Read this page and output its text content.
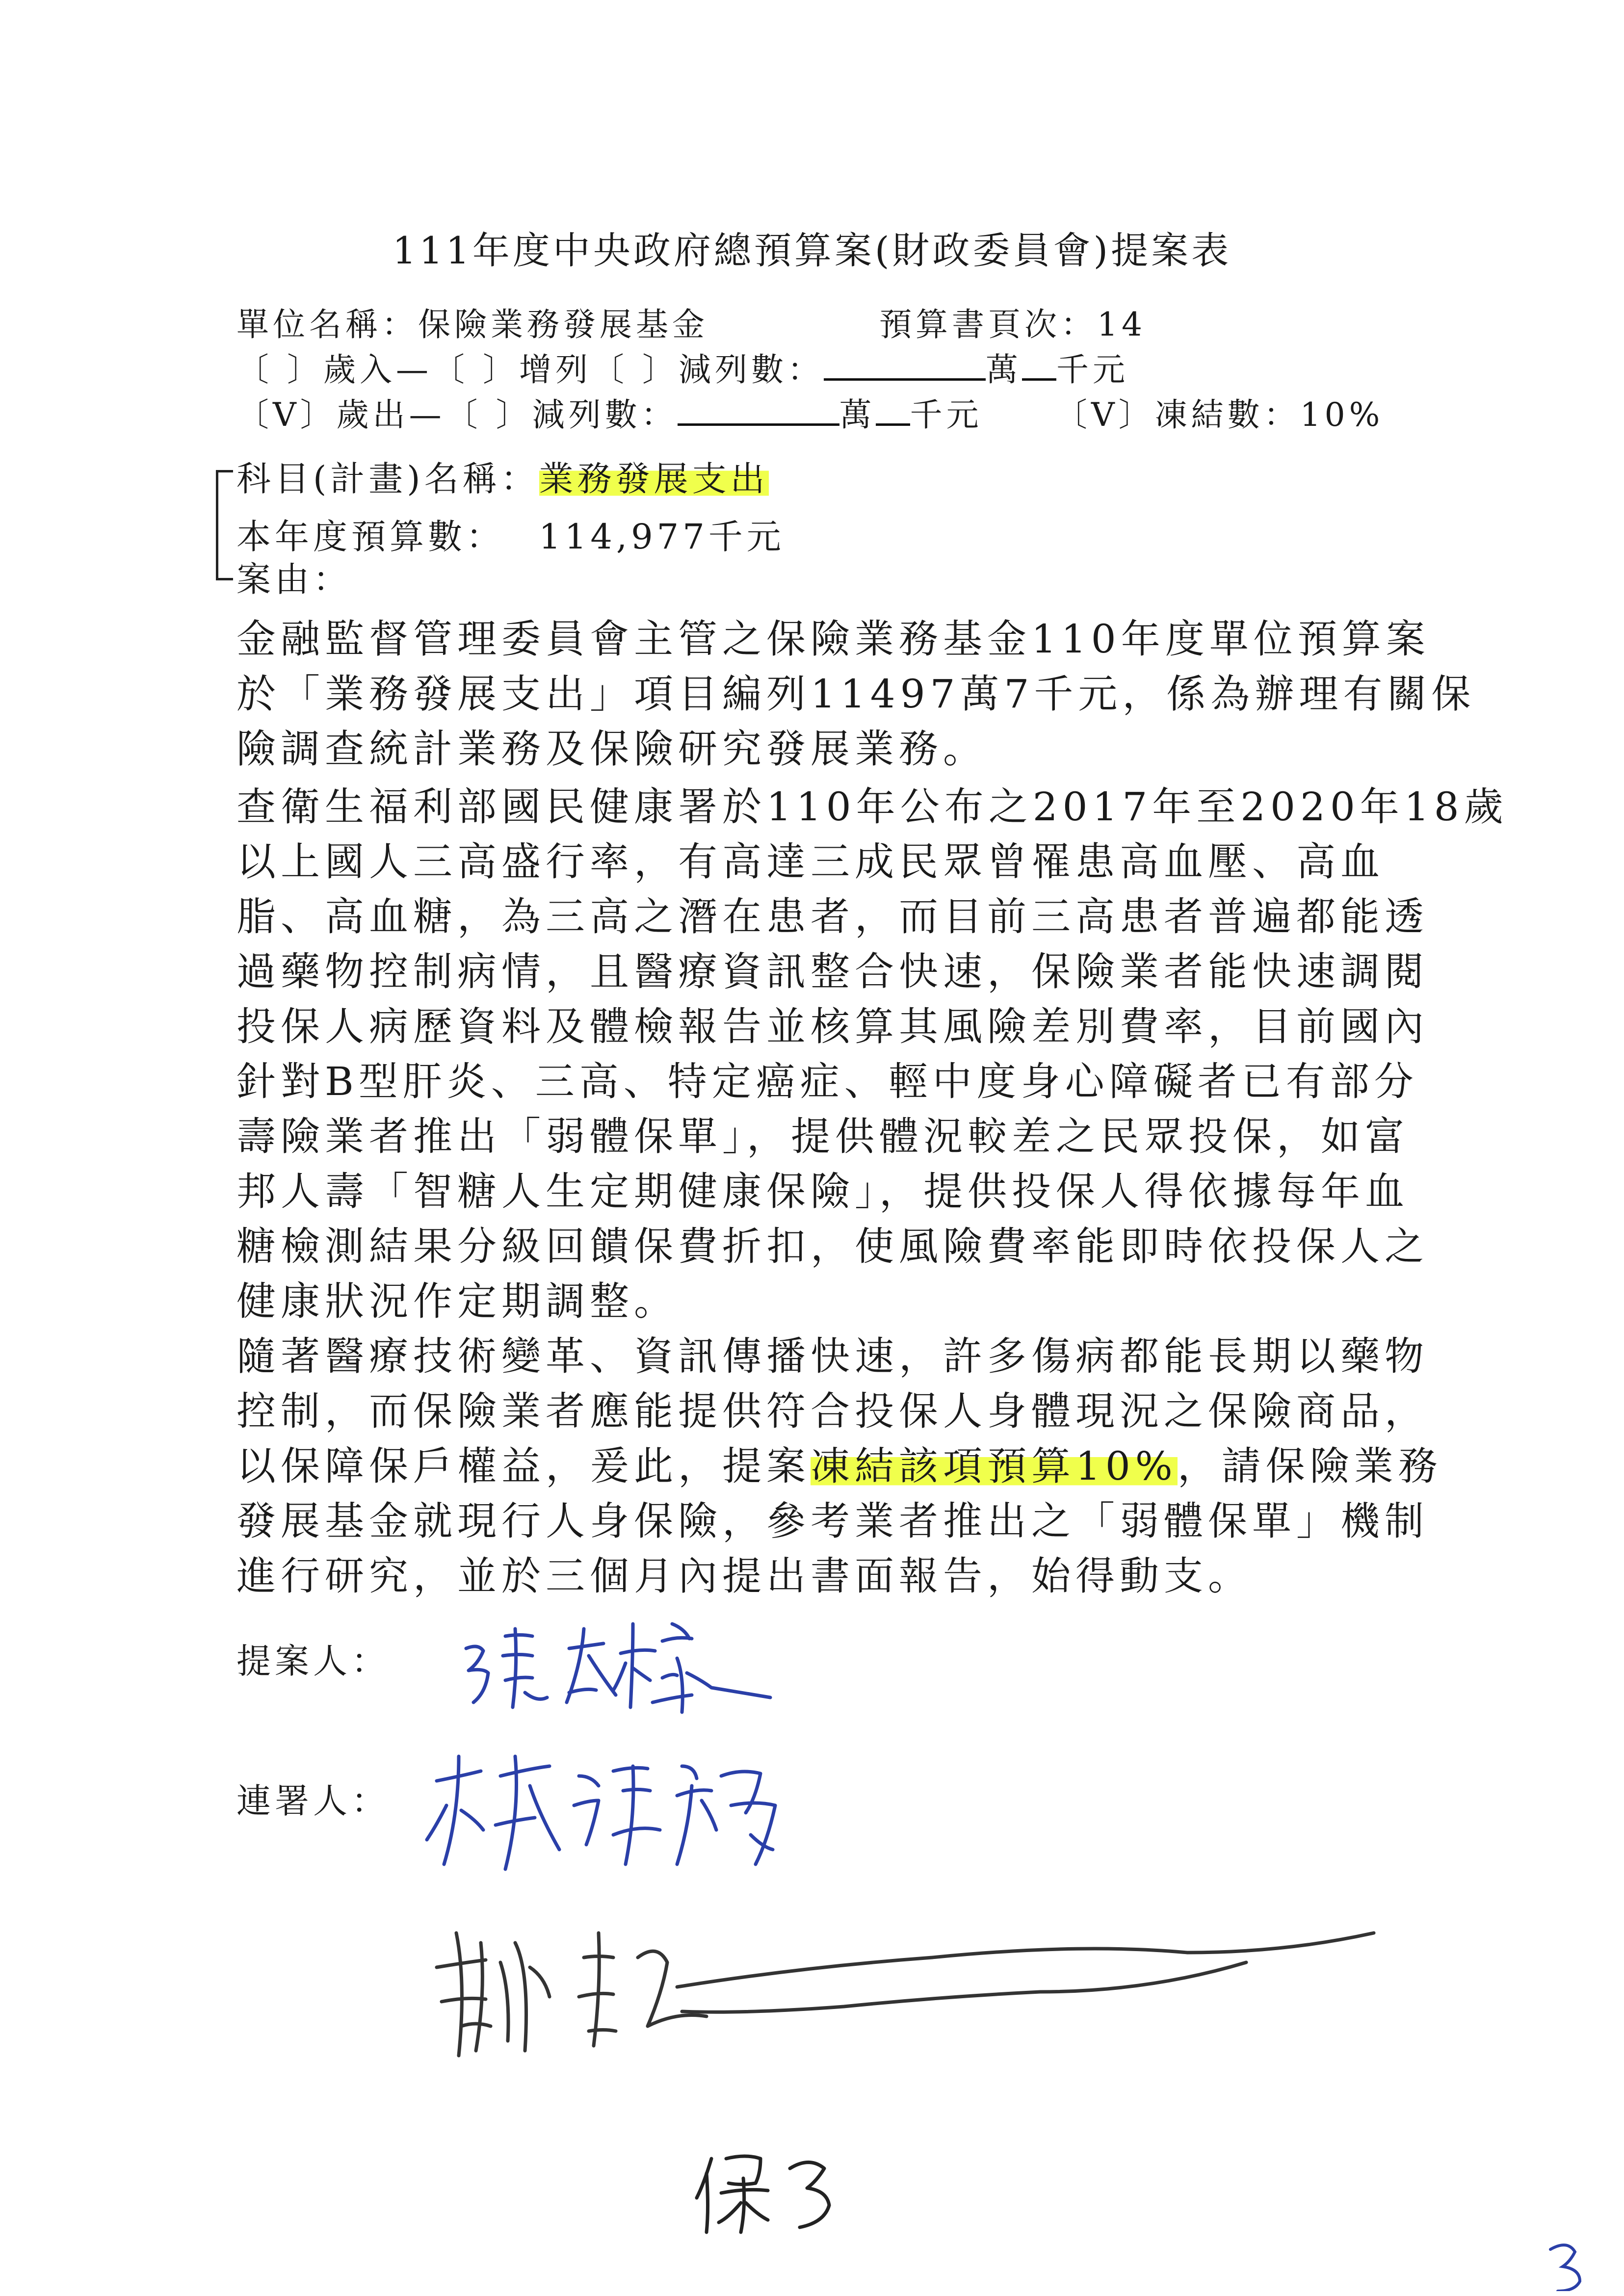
111年度中央政府總預算案(財政委員會)提案表
單位名稱：保險業務發展基金	預算書頁次：14
〔 〕歲入—〔 〕增列〔 〕減列數：	萬 千元
〔V〕歲出—〔 〕減列數：	萬 千元 〔V〕凍結數：10%
科目(計畫)名稱：業務發展支出
本年度預算數： 114,977千元
案由：
金融監督管理委員會主管之保險業務基金110年度單位預算案
於「業務發展支出」項目編列11497萬7千元，係為辦理有關保
險調查統計業務及保險研究發展業務。
查衛生福利部國民健康署於110年公布之2017年至2020年18歲
以上國人三高盛行率，有高達三成民眾曾罹患高血壓、高血
脂、高血糖，為三高之潛在患者，而目前三高患者普遍都能透
過藥物控制病情，且醫療資訊整合快速，保險業者能快速調閱
投保人病歷資料及體檢報告並核算其風險差別費率，目前國內
針對B型肝炎、三高、特定癌症、輕中度身心障礙者已有部分
壽險業者推出「弱體保單」，提供體況較差之民眾投保，如富
邦人壽「智糖人生定期健康保險」，提供投保人得依據每年血
糖檢測結果分級回饋保費折扣，使風險費率能即時依投保人之
健康狀況作定期調整。
隨著醫療技術變革、資訊傳播快速，許多傷病都能長期以藥物
控制，而保險業者應能提供符合投保人身體現況之保險商品，
以保障保戶權益，爰此，提案凍結該項預算10%，請保險業務
發展基金就現行人身保險，參考業者推出之「弱體保單」機制
進行研究，並於三個月內提出書面報告，始得動支。
提案人：
連署人：
